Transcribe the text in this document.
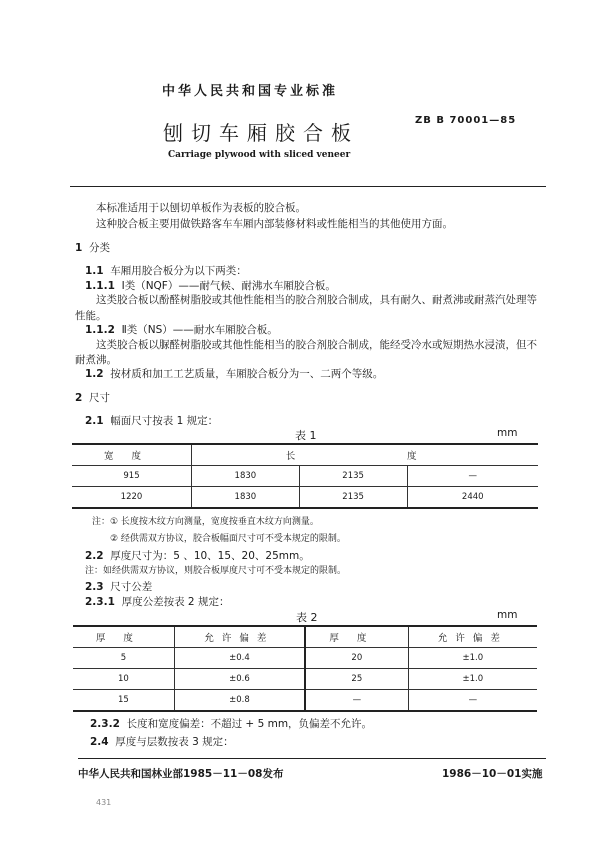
中华人民共和国专业标准
ZB B 70001—85
刨切车厢胶合板
Carriage plywood with sliced veneer
本标准适用于以刨切单板作为表板的胶合板。
这种胶合板主要用做铁路客车车厢内部装修材料或性能相当的其他使用方面。
1 分类
1.1 车厢用胶合板分为以下两类：
1.1.1 Ⅰ类（NQF）——耐气候、耐沸水车厢胶合板。
这类胶合板以酚醛树脂胶或其他性能相当的胶合剂胶合制成，具有耐久、耐煮沸或耐蒸汽处理等
性能。
1.1.2 Ⅱ类（NS）——耐水车厢胶合板。
这类胶合板以脲醛树脂胶或其他性能相当的胶合剂胶合制成，能经受冷水或短期热水浸渍，但不
耐煮沸。
1.2 按材质和加工工艺质量，车厢胶合板分为一、二两个等级。
2 尺寸
2.1 幅面尺寸按表 1 规定：
表 1	mm
宽度	长		度
915	1830	2135	—
1220	1830	2135	2440
注：① 长度按木纹方向测量，宽度按垂直木纹方向测量。
② 经供需双方协议，胶合板幅面尺寸可不受本规定的限制。
2.2 厚度尺寸为：5 、10、15、20、25mm。
注：如经供需双方协议，则胶合板厚度尺寸可不受本规定的限制。
2.3 尺寸公差
2.3.1 厚度公差按表 2 规定：
表 2	mm
厚度	允许偏差	厚度	允许偏差
5	±0.4	20	±1.0
10	±0.6	25	±1.0
15	±0.8	—	—
2.3.2 长度和宽度偏差：不超过 + 5 mm，负偏差不允许。
2.4 厚度与层数按表 3 规定：
中华人民共和国林业部1985－11－08发布	1986－10－01实施
431
